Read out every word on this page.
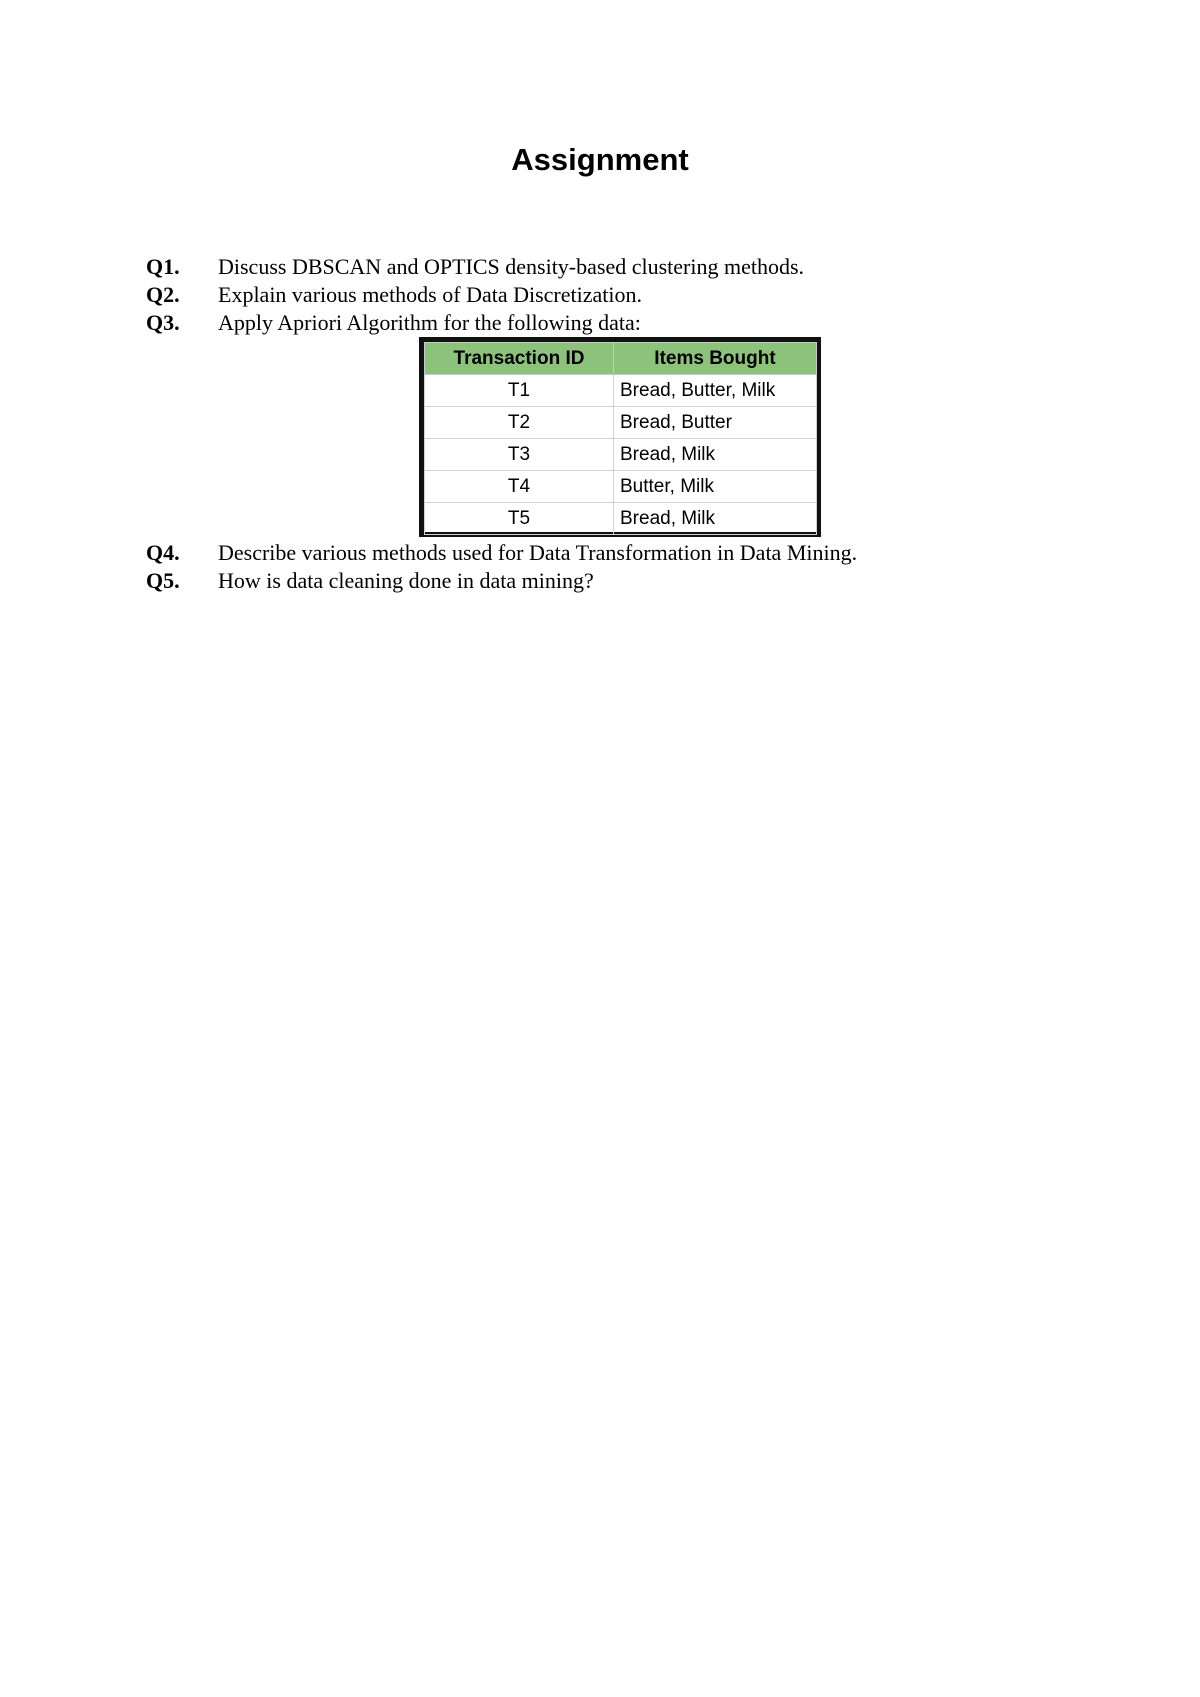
Assignment
Q1. Discuss DBSCAN and OPTICS density-based clustering methods.
Q2. Explain various methods of Data Discretization.
Q3. Apply Apriori Algorithm for the following data:
Transaction ID	Items Bought
T1	Bread, Butter, Milk
T2	Bread, Butter
T3	Bread, Milk
T4	Butter, Milk
T5	Bread, Milk
Q4. Describe various methods used for Data Transformation in Data Mining.
Q5. How is data cleaning done in data mining?
